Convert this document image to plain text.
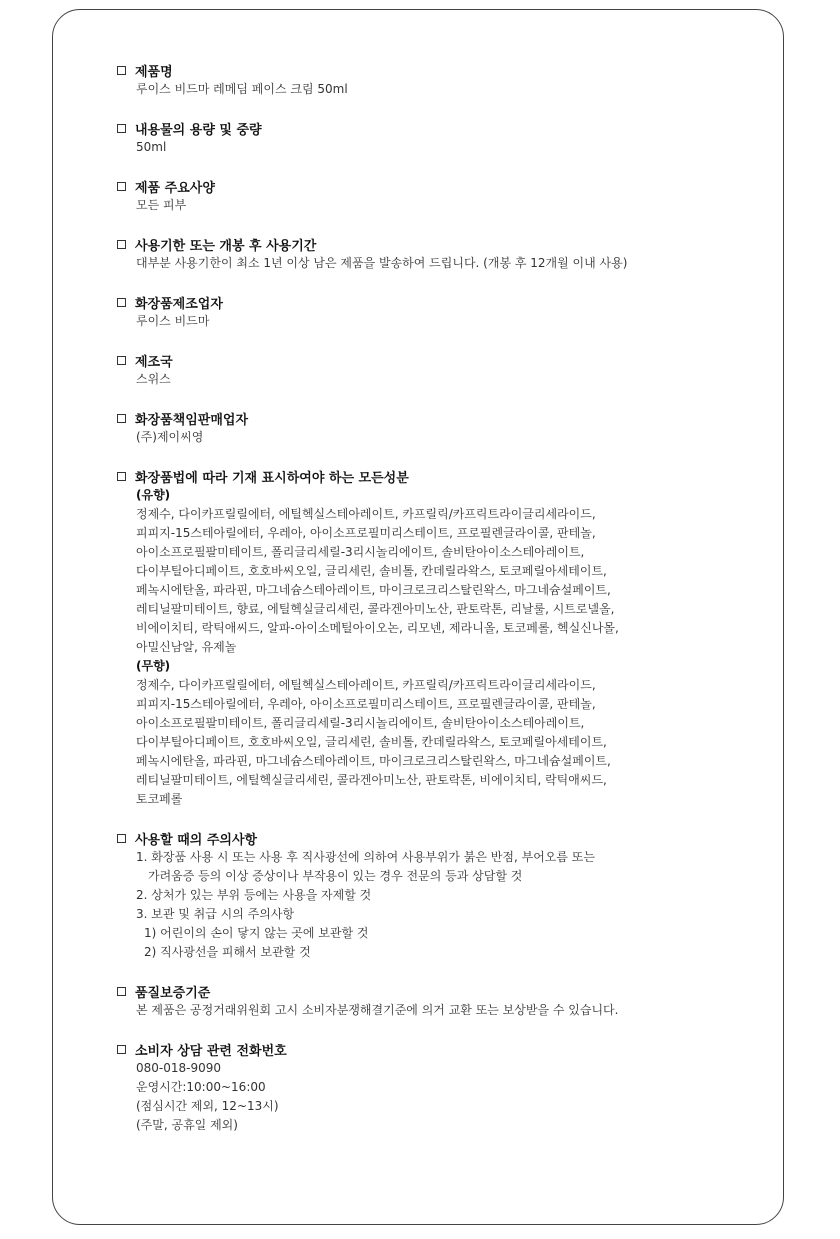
제품명
루이스 비드마 레메딤 페이스 크림 50ml
내용물의 용량 및 중량
50ml
제품 주요사양
모든 피부
사용기한 또는 개봉 후 사용기간
대부분 사용기한이 최소 1년 이상 남은 제품을 발송하여 드립니다. (개봉 후 12개월 이내 사용)
화장품제조업자
루이스 비드마
제조국
스위스
화장품책임판매업자
(주)제이씨영
화장품법에 따라 기재 표시하여야 하는 모든성분
(유향)
정제수, 다이카프릴릴에터, 에틸헥실스테아레이트, 카프릴릭/카프릭트라이글리세라이드,
피피지-15스테아릴에터, 우레아, 아이소프로필미리스테이트, 프로필렌글라이콜, 판테놀,
아이소프로필팔미테이트, 폴리글리세릴-3리시놀리에이트, 솔비탄아이소스테아레이트,
다이부틸아디페이트, 호호바씨오일, 글리세린, 솔비톨, 칸데릴라왁스, 토코페릴아세테이트,
페녹시에탄올, 파라핀, 마그네슘스테아레이트, 마이크로크리스탈린왁스, 마그네슘설페이트,
레티닐팔미테이트, 향료, 에틸헥실글리세린, 콜라겐아미노산, 판토락톤, 리날룰, 시트로넬올,
비에이치티, 락틱애씨드, 알파-아이소메틸아이오논, 리모넨, 제라니올, 토코페롤, 헥실신나몰,
아밀신남알, 유제놀
(무향)
정제수, 다이카프릴릴에터, 에틸헥실스테아레이트, 카프릴릭/카프릭트라이글리세라이드,
피피지-15스테아릴에터, 우레아, 아이소프로필미리스테이트, 프로필렌글라이콜, 판테놀,
아이소프로필팔미테이트, 폴리글리세릴-3리시놀리에이트, 솔비탄아이소스테아레이트,
다이부틸아디페이트, 호호바씨오일, 글리세린, 솔비톨, 칸데릴라왁스, 토코페릴아세테이트,
페녹시에탄올, 파라핀, 마그네슘스테아레이트, 마이크로크리스탈린왁스, 마그네슘설페이트,
레티닐팔미테이트, 에틸헥실글리세린, 콜라겐아미노산, 판토락톤, 비에이치티, 락틱애씨드,
토코페롤
사용할 때의 주의사항
1. 화장품 사용 시 또는 사용 후 직사광선에 의하여 사용부위가 붉은 반점, 부어오름 또는
가려움증 등의 이상 증상이나 부작용이 있는 경우 전문의 등과 상담할 것
2. 상처가 있는 부위 등에는 사용을 자제할 것
3. 보관 및 취급 시의 주의사항
1) 어린이의 손이 닿지 않는 곳에 보관할 것
2) 직사광선을 피해서 보관할 것
품질보증기준
본 제품은 공정거래위원회 고시 소비자분쟁해결기준에 의거 교환 또는 보상받을 수 있습니다.
소비자 상담 관련 전화번호
080-018-9090
운영시간:10:00~16:00
(점심시간 제외, 12~13시)
(주말, 공휴일 제외)
